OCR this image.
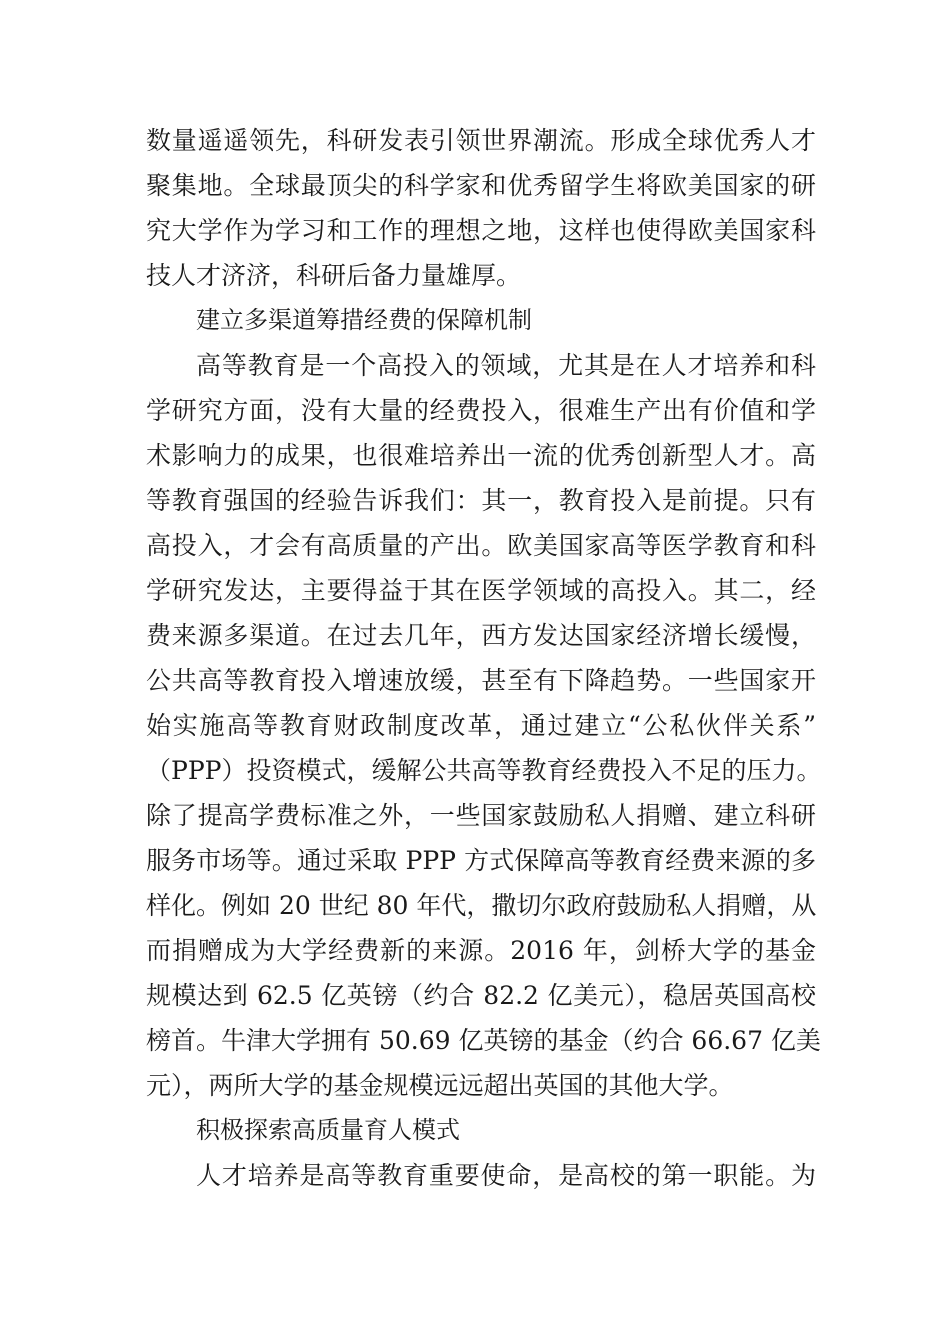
数量遥遥领先，科研发表引领世界潮流。形成全球优秀人才
聚集地。全球最顶尖的科学家和优秀留学生将欧美国家的研
究大学作为学习和工作的理想之地，这样也使得欧美国家科
技人才济济，科研后备力量雄厚。
建立多渠道筹措经费的保障机制
高等教育是一个高投入的领域，尤其是在人才培养和科
学研究方面，没有大量的经费投入，很难生产出有价值和学
术影响力的成果，也很难培养出一流的优秀创新型人才。高
等教育强国的经验告诉我们：其一，教育投入是前提。只有
高投入，才会有高质量的产出。欧美国家高等医学教育和科
学研究发达，主要得益于其在医学领域的高投入。其二，经
费来源多渠道。在过去几年，西方发达国家经济增长缓慢，
公共高等教育投入增速放缓，甚至有下降趋势。一些国家开
始实施高等教育财政制度改革，通过建立“公私伙伴关系”
（PPP）投资模式，缓解公共高等教育经费投入不足的压力。
除了提高学费标准之外，一些国家鼓励私人捐赠、建立科研
服务市场等。通过采取 PPP 方式保障高等教育经费来源的多
样化。例如 20 世纪 80 年代，撒切尔政府鼓励私人捐赠，从
而捐赠成为大学经费新的来源。2016 年，剑桥大学的基金
规模达到 62.5 亿英镑（约合 82.2 亿美元），稳居英国高校
榜首。牛津大学拥有 50.69 亿英镑的基金（约合 66.67 亿美
元），两所大学的基金规模远远超出英国的其他大学。
积极探索高质量育人模式
人才培养是高等教育重要使命，是高校的第一职能。为
